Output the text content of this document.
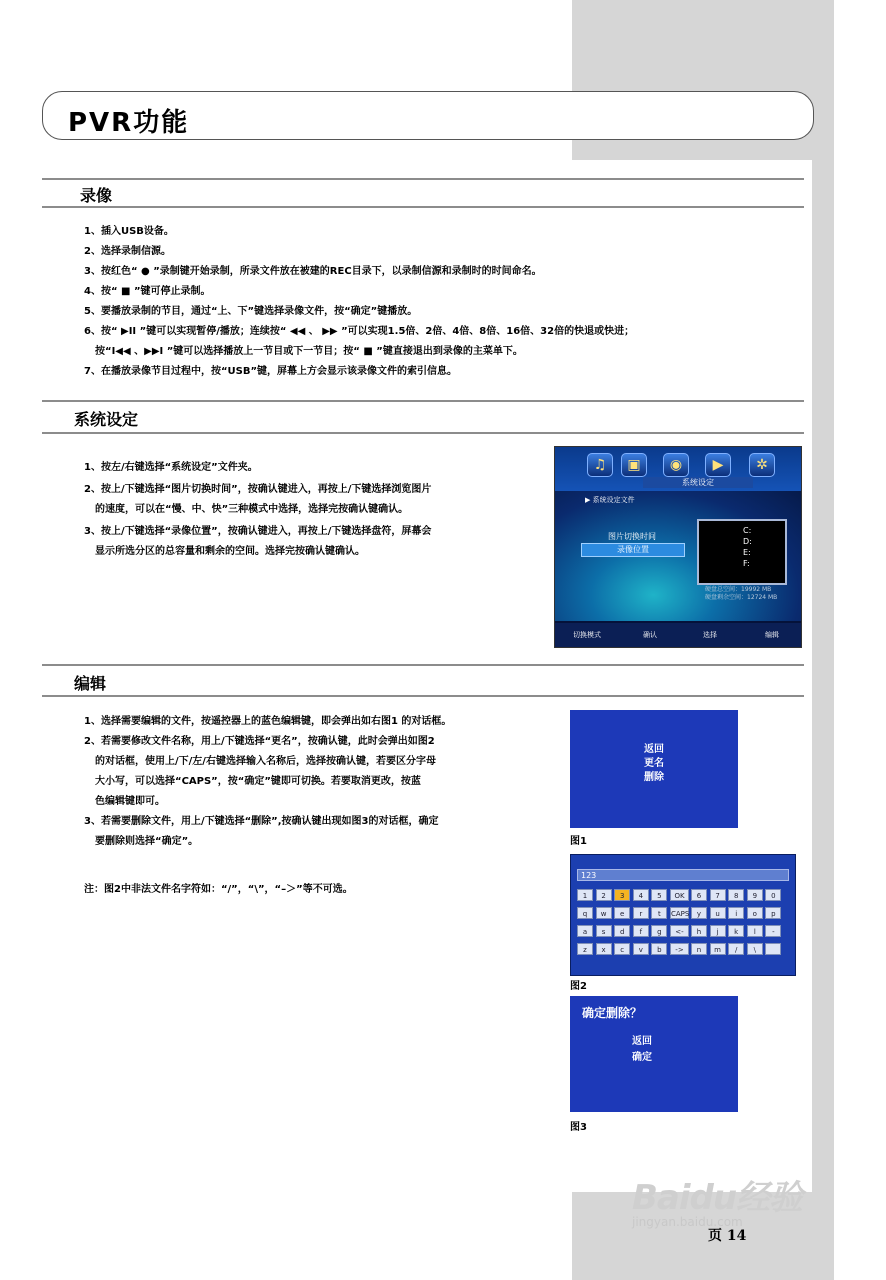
PVR功能
录像
1、插入USB设备。
2、选择录制信源。
3、按红色“ ● ”录制键开始录制，所录文件放在被建的REC目录下，以录制信源和录制时的时间命名。
4、按“ ■ ”键可停止录制。
5、要播放录制的节目，通过“上、下”键选择录像文件，按“确定”键播放。
6、按“ ▶II ”键可以实现暂停/播放；连续按“ ◀◀ 、 ▶▶ ”可以实现1.5倍、2倍、4倍、8倍、16倍、32倍的快退或快进；
按“I◀◀ 、▶▶I ”键可以选择播放上一节目或下一节目；按“ ■ ”键直接退出到录像的主菜单下。
7、在播放录像节目过程中，按“USB”键，屏幕上方会显示该录像文件的索引信息。
系统设定
1、按左/右键选择“系统设定”文件夹。
2、按上/下键选择“图片切换时间”，按确认键进入，再按上/下键选择浏览图片
的速度，可以在“慢、中、快”三种模式中选择，选择完按确认键确认。
3、按上/下键选择“录像位置”，按确认键进入，再按上/下键选择盘符，屏幕会
显示所选分区的总容量和剩余的空间。选择完按确认键确认。
♫	▣	◉	▶	✲
系统设定
▶ 系统设定文件
图片切换时间
录像位置
C:
D:
E:
F:
硬盘总空间：19992 MB
硬盘剩余空间：12724 MB
切换模式	确认	选择	编辑
编辑
1、选择需要编辑的文件，按遥控器上的蓝色编辑键，即会弹出如右图1 的对话框。
2、若需要修改文件名称，用上/下键选择“更名”，按确认键，此时会弹出如图2
的对话框，使用上/下/左/右键选择输入名称后，选择按确认键，若要区分字母
大小写，可以选择“CAPS”，按“确定”键即可切换。若要取消更改，按蓝
色编辑键即可。
3、若需要删除文件，用上/下键选择“删除”,按确认键出现如图3的对话框，确定
要删除则选择“确定”。
注：图2中非法文件名字符如：“/”，“\”，“–＞”等不可选。
返回
更名
删除
图1
123
1	2	3	4	5	OK	6	7	8	9	0
q	w	e	r	t	CAPS	y	u	i	o	p
a	s	d	f	g	<-	h	j	k	l	-
z	x	c	v	b	->	n	m	/	\
图2
确定删除？
返回
确定
图3
Baidu经验
jingyan.baidu.com
页 14
